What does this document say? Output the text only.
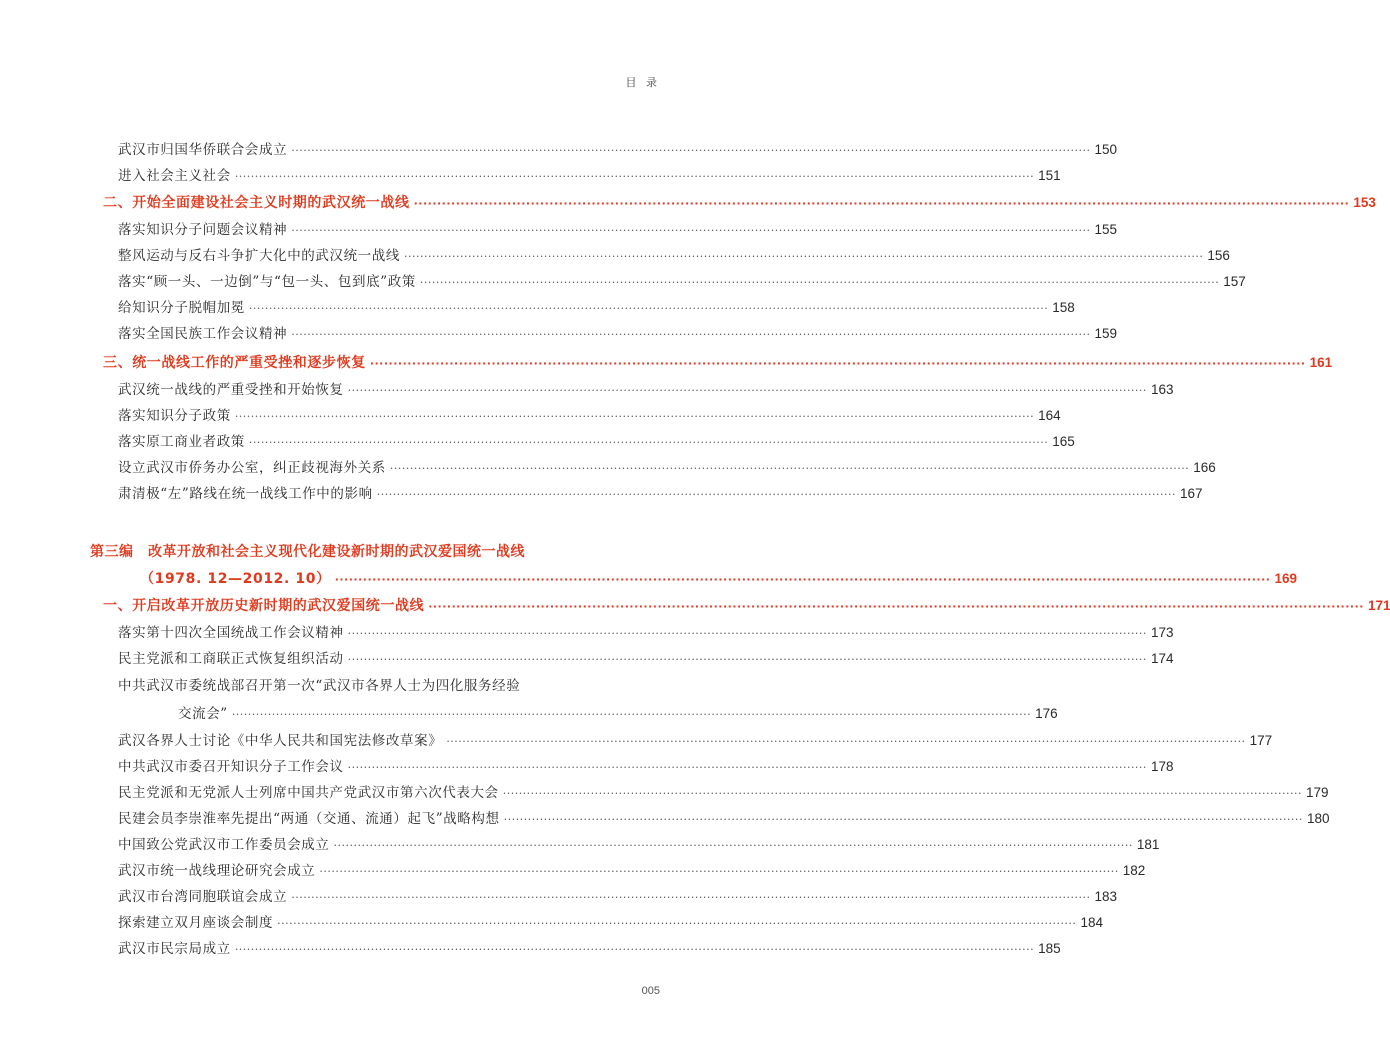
目 录
武汉市归国华侨联合会成立 ········································································································································································································ 150
进入社会主义社会 ········································································································································································································ 151
二、开始全面建设社会主义时期的武汉统一战线 ········································································································································································································ 153
落实知识分子问题会议精神 ········································································································································································································ 155
整风运动与反右斗争扩大化中的武汉统一战线 ········································································································································································································ 156
落实“顾一头、一边倒”与“包一头、包到底”政策 ········································································································································································································ 157
给知识分子脱帽加冕 ········································································································································································································ 158
落实全国民族工作会议精神 ········································································································································································································ 159
三、统一战线工作的严重受挫和逐步恢复 ········································································································································································································ 161
武汉统一战线的严重受挫和开始恢复 ········································································································································································································ 163
落实知识分子政策 ········································································································································································································ 164
落实原工商业者政策 ········································································································································································································ 165
设立武汉市侨务办公室，纠正歧视海外关系 ········································································································································································································ 166
肃清极“左”路线在统一战线工作中的影响 ········································································································································································································ 167
第三编　改革开放和社会主义现代化建设新时期的武汉爱国统一战线
（1978. 12—2012. 10） ········································································································································································································ 169
一、开启改革开放历史新时期的武汉爱国统一战线 ········································································································································································································ 171
落实第十四次全国统战工作会议精神 ········································································································································································································ 173
民主党派和工商联正式恢复组织活动 ········································································································································································································ 174
中共武汉市委统战部召开第一次“武汉市各界人士为四化服务经验
交流会” ········································································································································································································ 176
武汉各界人士讨论《中华人民共和国宪法修改草案》 ········································································································································································································ 177
中共武汉市委召开知识分子工作会议 ········································································································································································································ 178
民主党派和无党派人士列席中国共产党武汉市第六次代表大会 ········································································································································································································ 179
民建会员李崇淮率先提出“两通（交通、流通）起飞”战略构想 ········································································································································································································ 180
中国致公党武汉市工作委员会成立 ········································································································································································································ 181
武汉市统一战线理论研究会成立 ········································································································································································································ 182
武汉市台湾同胞联谊会成立 ········································································································································································································ 183
探索建立双月座谈会制度 ········································································································································································································ 184
武汉市民宗局成立 ········································································································································································································ 185
005
